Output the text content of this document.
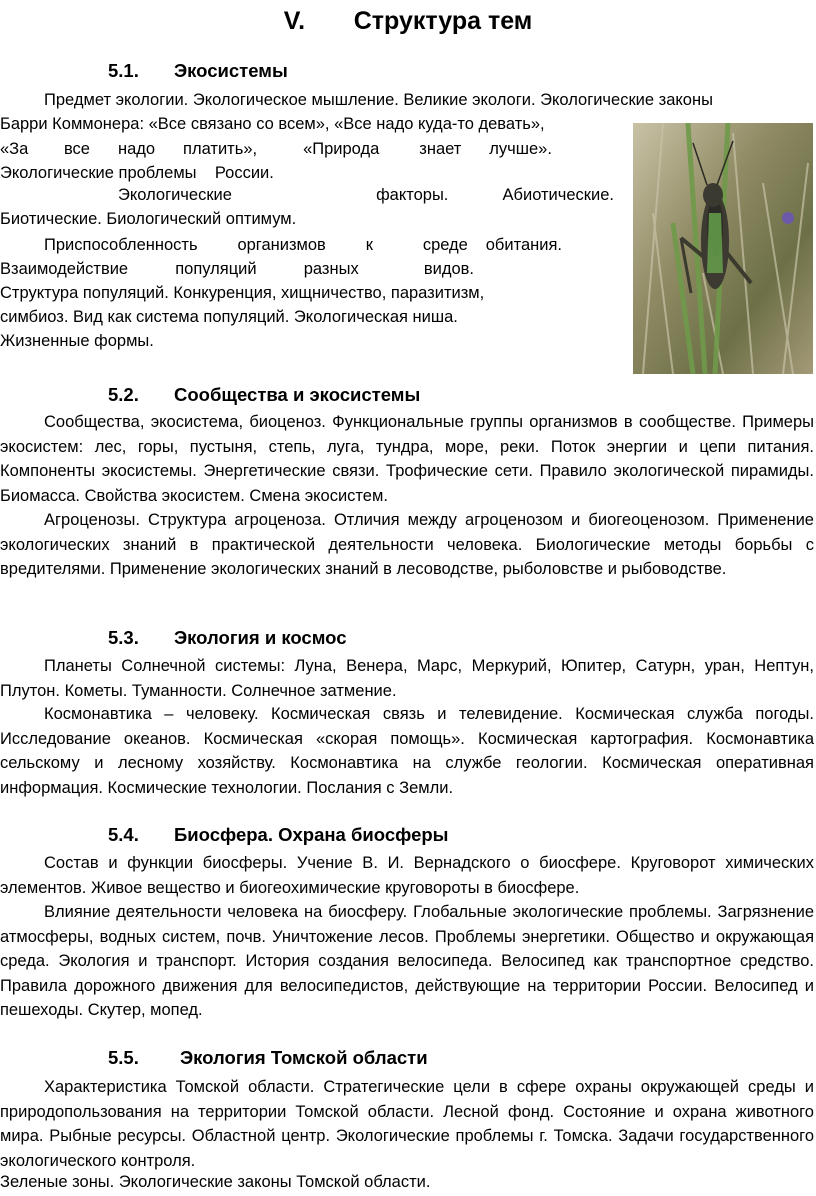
V. Структура тем
5.1. Экосистемы
Предмет экологии. Экологическое мышление. Великие экологи. Экологические законы
Барри Коммонера: «Все связано со всем», «Все надо куда-то девать»,
«За	все надо платить»,	«Природа знает лучше».
Экологические проблемы    России.
Экологические	факторы.	Абиотические.
Биотические. Биологический оптимум.
Приспособленность организмов к	среде обитания.
Взаимодействие	популяций	разных	видов.
Структура популяций. Конкуренция, хищничество, паразитизм,
симбиоз. Вид как система популяций. Экологическая ниша.
Жизненные формы.
5.2. Сообщества и экосистемы

Сообщества, экосистема, биоценоз. Функциональные группы организмов в сообществе. Примеры экосистем: лес, горы, пустыня, степь, луга, тундра, море, реки. Поток энергии и цепи питания. Компоненты экосистемы. Энергетические связи. Трофические сети. Правило экологической пирамиды. Биомасса. Свойства экосистем. Смена экосистем.

Агроценозы. Структура агроценоза. Отличия между агроценозом и биогеоценозом. Применение экологических знаний в практической деятельности человека. Биологические методы борьбы с вредителями. Применение экологических знаний в лесоводстве, рыболовстве и рыбоводстве.

5.3. Экология и космос

Планеты Солнечной системы: Луна, Венера, Марс, Меркурий, Юпитер, Сатурн, уран, Нептун, Плутон. Кометы. Туманности. Солнечное затмение.

Космонавтика – человеку. Космическая связь и телевидение. Космическая служба погоды. Исследование океанов. Космическая «скорая помощь». Космическая картография. Космонавтика сельскому и лесному хозяйству. Космонавтика на службе геологии. Космическая оперативная информация. Космические технологии. Послания с Земли.

5.4. Биосфера. Охрана биосферы

Состав и функции биосферы. Учение В. И. Вернадского о биосфере. Круговорот химических элементов. Живое вещество и биогеохимические круговороты в биосфере.

Влияние деятельности человека на биосферу. Глобальные экологические проблемы. Загрязнение атмосферы, водных систем, почв. Уничтожение лесов. Проблемы энергетики. Общество и окружающая среда. Экология и транспорт. История создания велосипеда. Велосипед как транспортное средство. Правила дорожного движения для велосипедистов, действующие на территории России. Велосипед и пешеходы. Скутер, мопед.

5.5. Экология Томской области

Характеристика Томской области. Стратегические цели в сфере охраны окружающей среды и природопользования на территории Томской области. Лесной фонд. Состояние и охрана животного мира. Рыбные ресурсы. Областной центр. Экологические проблемы г. Томска. Задачи государственного экологического контроля.

Зеленые зоны. Экологические законы Томской области.
